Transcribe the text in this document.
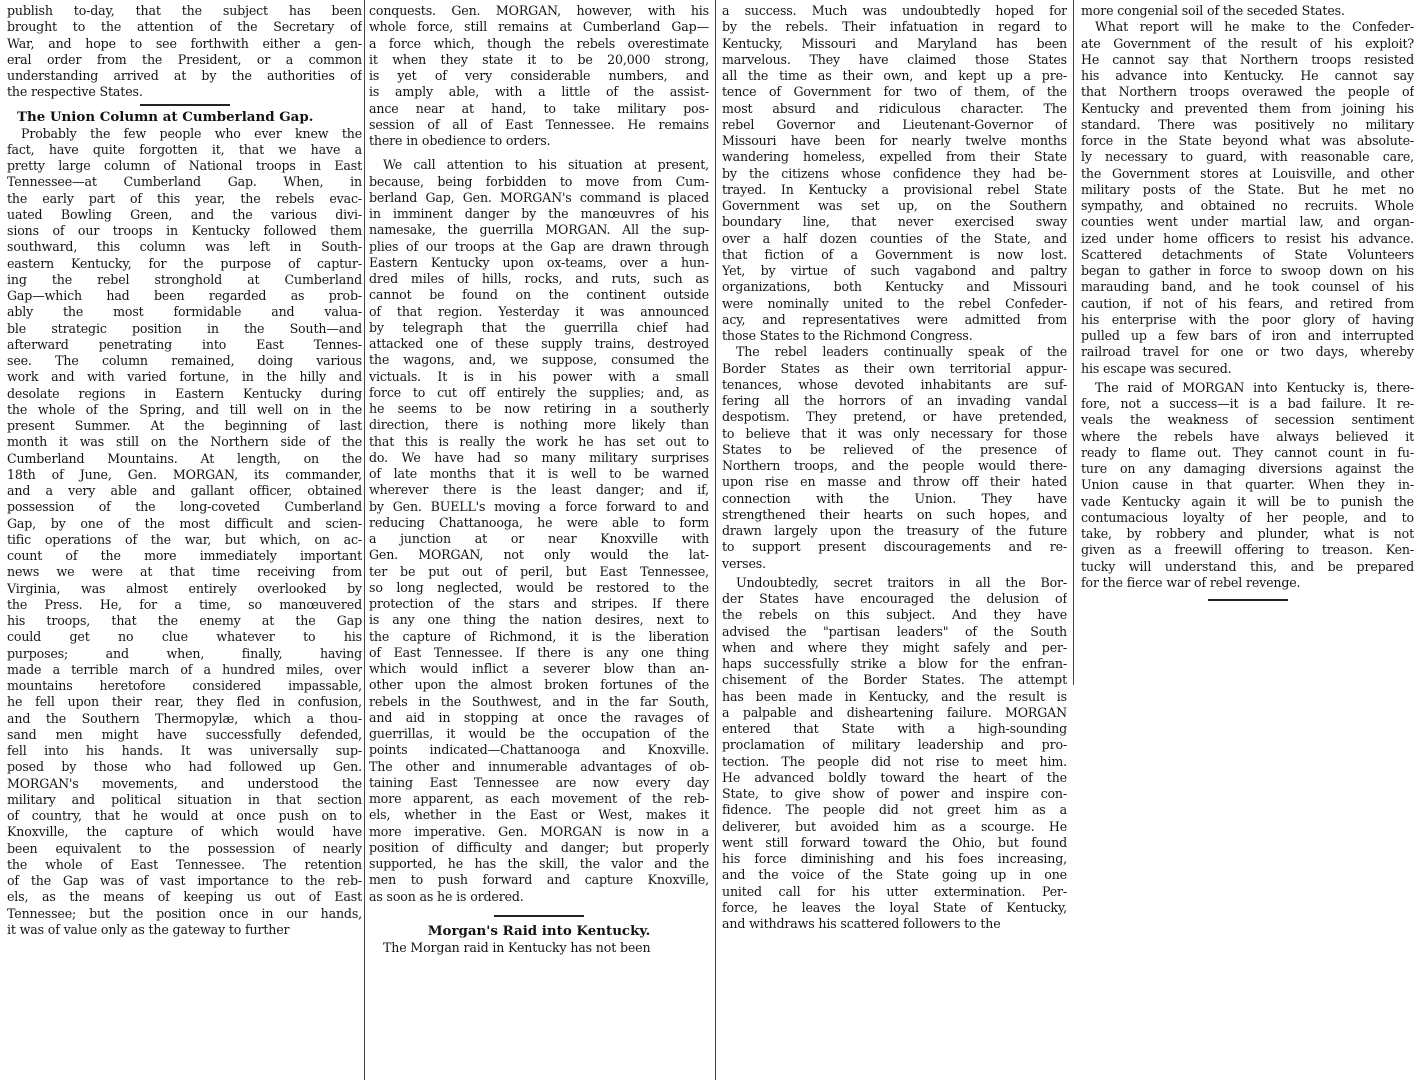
publish to-day, that the subject has been
brought to the attention of the Secretary of
War, and hope to see forthwith either a gen-
eral order from the President, or a common
understanding arrived at by the authorities of
the respective States.
The Union Column at Cumberland Gap.
Probably the few people who ever knew the
fact, have quite forgotten it, that we have a
pretty large column of National troops in East
Tennessee—at Cumberland Gap. When, in
the early part of this year, the rebels evac-
uated Bowling Green, and the various divi-
sions of our troops in Kentucky followed them
southward, this column was left in South-
eastern Kentucky, for the purpose of captur-
ing the rebel stronghold at Cumberland
Gap—which had been regarded as prob-
ably the most formidable and valua-
ble strategic position in the South—and
afterward penetrating into East Tennes-
see. The column remained, doing various
work and with varied fortune, in the hilly and
desolate regions in Eastern Kentucky during
the whole of the Spring, and till well on in the
present Summer. At the beginning of last
month it was still on the Northern side of the
Cumberland Mountains. At length, on the
18th of June, Gen. MORGAN, its commander,
and a very able and gallant officer, obtained
possession of the long-coveted Cumberland
Gap, by one of the most difficult and scien-
tific operations of the war, but which, on ac-
count of the more immediately important
news we were at that time receiving from
Virginia, was almost entirely overlooked by
the Press. He, for a time, so manœuvered
his troops, that the enemy at the Gap
could get no clue whatever to his
purposes; and when, finally, having
made a terrible march of a hundred miles, over
mountains heretofore considered impassable,
he fell upon their rear, they fled in confusion,
and the Southern Thermopylæ, which a thou-
sand men might have successfully defended,
fell into his hands. It was universally sup-
posed by those who had followed up Gen.
MORGAN's movements, and understood the
military and political situation in that section
of country, that he would at once push on to
Knoxville, the capture of which would have
been equivalent to the possession of nearly
the whole of East Tennessee. The retention
of the Gap was of vast importance to the reb-
els, as the means of keeping us out of East
Tennessee; but the position once in our hands,
it was of value only as the gateway to further
conquests. Gen. MORGAN, however, with his
whole force, still remains at Cumberland Gap—
a force which, though the rebels overestimate
it when they state it to be 20,000 strong,
is yet of very considerable numbers, and
is amply able, with a little of the assist-
ance near at hand, to take military pos-
session of all of East Tennessee. He remains
there in obedience to orders.
We call attention to his situation at present,
because, being forbidden to move from Cum-
berland Gap, Gen. MORGAN's command is placed
in imminent danger by the manœuvres of his
namesake, the guerrilla MORGAN. All the sup-
plies of our troops at the Gap are drawn through
Eastern Kentucky upon ox-teams, over a hun-
dred miles of hills, rocks, and ruts, such as
cannot be found on the continent outside
of that region. Yesterday it was announced
by telegraph that the guerrilla chief had
attacked one of these supply trains, destroyed
the wagons, and, we suppose, consumed the
victuals. It is in his power with a small
force to cut off entirely the supplies; and, as
he seems to be now retiring in a southerly
direction, there is nothing more likely than
that this is really the work he has set out to
do. We have had so many military surprises
of late months that it is well to be warned
wherever there is the least danger; and if,
by Gen. BUELL's moving a force forward to and
reducing Chattanooga, he were able to form
a junction at or near Knoxville with
Gen. MORGAN, not only would the lat-
ter be put out of peril, but East Tennessee,
so long neglected, would be restored to the
protection of the stars and stripes. If there
is any one thing the nation desires, next to
the capture of Richmond, it is the liberation
of East Tennessee. If there is any one thing
which would inflict a severer blow than an-
other upon the almost broken fortunes of the
rebels in the Southwest, and in the far South,
and aid in stopping at once the ravages of
guerrillas, it would be the occupation of the
points indicated—Chattanooga and Knoxville.
The other and innumerable advantages of ob-
taining East Tennessee are now every day
more apparent, as each movement of the reb-
els, whether in the East or West, makes it
more imperative. Gen. MORGAN is now in a
position of difficulty and danger; but properly
supported, he has the skill, the valor and the
men to push forward and capture Knoxville,
as soon as he is ordered.
Morgan's Raid into Kentucky.
The Morgan raid in Kentucky has not been
a success. Much was undoubtedly hoped for
by the rebels. Their infatuation in regard to
Kentucky, Missouri and Maryland has been
marvelous. They have claimed those States
all the time as their own, and kept up a pre-
tence of Government for two of them, of the
most absurd and ridiculous character. The
rebel Governor and Lieutenant-Governor of
Missouri have been for nearly twelve months
wandering homeless, expelled from their State
by the citizens whose confidence they had be-
trayed. In Kentucky a provisional rebel State
Government was set up, on the Southern
boundary line, that never exercised sway
over a half dozen counties of the State, and
that fiction of a Government is now lost.
Yet, by virtue of such vagabond and paltry
organizations, both Kentucky and Missouri
were nominally united to the rebel Confeder-
acy, and representatives were admitted from
those States to the Richmond Congress.
The rebel leaders continually speak of the
Border States as their own territorial appur-
tenances, whose devoted inhabitants are suf-
fering all the horrors of an invading vandal
despotism. They pretend, or have pretended,
to believe that it was only necessary for those
States to be relieved of the presence of
Northern troops, and the people would there-
upon rise en masse and throw off their hated
connection with the Union. They have
strengthened their hearts on such hopes, and
drawn largely upon the treasury of the future
to support present discouragements and re-
verses.
Undoubtedly, secret traitors in all the Bor-
der States have encouraged the delusion of
the rebels on this subject. And they have
advised the "partisan leaders" of the South
when and where they might safely and per-
haps successfully strike a blow for the enfran-
chisement of the Border States. The attempt
has been made in Kentucky, and the result is
a palpable and disheartening failure. MORGAN
entered that State with a high-sounding
proclamation of military leadership and pro-
tection. The people did not rise to meet him.
He advanced boldly toward the heart of the
State, to give show of power and inspire con-
fidence. The people did not greet him as a
deliverer, but avoided him as a scourge. He
went still forward toward the Ohio, but found
his force diminishing and his foes increasing,
and the voice of the State going up in one
united call for his utter extermination. Per-
force, he leaves the loyal State of Kentucky,
and withdraws his scattered followers to the
more congenial soil of the seceded States.
What report will he make to the Confeder-
ate Government of the result of his exploit?
He cannot say that Northern troops resisted
his advance into Kentucky. He cannot say
that Northern troops overawed the people of
Kentucky and prevented them from joining his
standard. There was positively no military
force in the State beyond what was absolute-
ly necessary to guard, with reasonable care,
the Government stores at Louisville, and other
military posts of the State. But he met no
sympathy, and obtained no recruits. Whole
counties went under martial law, and organ-
ized under home officers to resist his advance.
Scattered detachments of State Volunteers
began to gather in force to swoop down on his
marauding band, and he took counsel of his
caution, if not of his fears, and retired from
his enterprise with the poor glory of having
pulled up a few bars of iron and interrupted
railroad travel for one or two days, whereby
his escape was secured.
The raid of MORGAN into Kentucky is, there-
fore, not a success—it is a bad failure. It re-
veals the weakness of secession sentiment
where the rebels have always believed it
ready to flame out. They cannot count in fu-
ture on any damaging diversions against the
Union cause in that quarter. When they in-
vade Kentucky again it will be to punish the
contumacious loyalty of her people, and to
take, by robbery and plunder, what is not
given as a freewill offering to treason. Ken-
tucky will understand this, and be prepared
for the fierce war of rebel revenge.
